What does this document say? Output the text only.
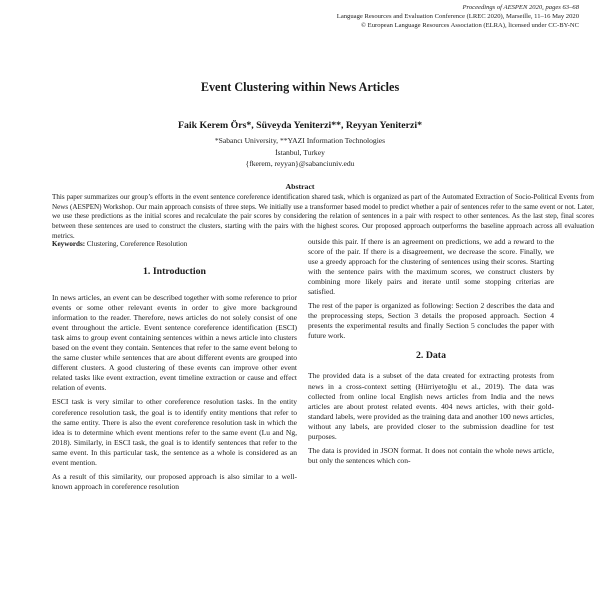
Proceedings of AESPEN 2020, pages 63–68
Language Resources and Evaluation Conference (LREC 2020), Marseille, 11–16 May 2020
© European Language Resources Association (ELRA), licensed under CC-BY-NC
Event Clustering within News Articles
Faik Kerem Örs*, Süveyda Yeniterzi**, Reyyan Yeniterzi*
*Sabancı University, **YAZI Information Technologies
İstanbul, Turkey
{fkerem, reyyan}@sabanciuniv.edu
Abstract

This paper summarizes our group’s efforts in the event sentence coreference identification shared task, which is organized as part of the Automated Extraction of Socio-Political Events from News (AESPEN) Workshop. Our main approach consists of three steps. We initially use a transformer based model to predict whether a pair of sentences refer to the same event or not. Later, we use these predictions as the initial scores and recalculate the pair scores by considering the relation of sentences in a pair with respect to other sentences. As the last step, final scores between these sentences are used to construct the clusters, starting with the pairs with the highest scores. Our proposed approach outperforms the baseline approach across all evaluation metrics.

Keywords: Clustering, Coreference Resolution
1. Introduction

In news articles, an event can be described together with some reference to prior events or some other relevant events in order to give more background information to the reader. Therefore, news articles do not solely consist of one event throughout the article. Event sentence coreference identification (ESCI) task aims to group event containing sentences within a news article into clusters based on the event they contain. Sentences that refer to the same event belong to the same cluster while sentences that are about different events are grouped into different clusters. A good clustering of these events can improve other event related tasks like event extraction, event timeline extraction or cause and effect relation of events.

ESCI task is very similar to other coreference resolution tasks. In the entity coreference resolution task, the goal is to identify entity mentions that refer to the same entity. There is also the event coreference resolution task in which the idea is to determine which event mentions refer to the same event (Lu and Ng, 2018). Similarly, in ESCI task, the goal is to identify sentences that refer to the same event. In this particular task, the sentence as a whole is considered as an event mention.

As a result of this similarity, our proposed approach is also similar to a well-known approach in coreference resolution

outside this pair. If there is an agreement on predictions, we add a reward to the score of the pair. If there is a disagreement, we decrease the score. Finally, we use a greedy approach for the clustering of sentences using their scores. Starting with the sentence pairs with the maximum scores, we construct clusters by combining more likely pairs and iterate until some stopping criterias are satisfied.

The rest of the paper is organized as following: Section 2 describes the data and the preprocessing steps, Section 3 details the proposed approach. Section 4 presents the experimental results and finally Section 5 concludes the paper with future work.

2. Data

The provided data is a subset of the data created for extracting protests from news in a cross-context setting (Hürriyetoğlu et al., 2019). The data was collected from online local English news articles from India and the news articles are about protest related events. 404 news articles, with their gold-standard labels, were provided as the training data and another 100 news articles, without any labels, are provided closer to the submission deadline for test purposes.

The data is provided in JSON format. It does not contain the whole news article, but only the sentences which con-
